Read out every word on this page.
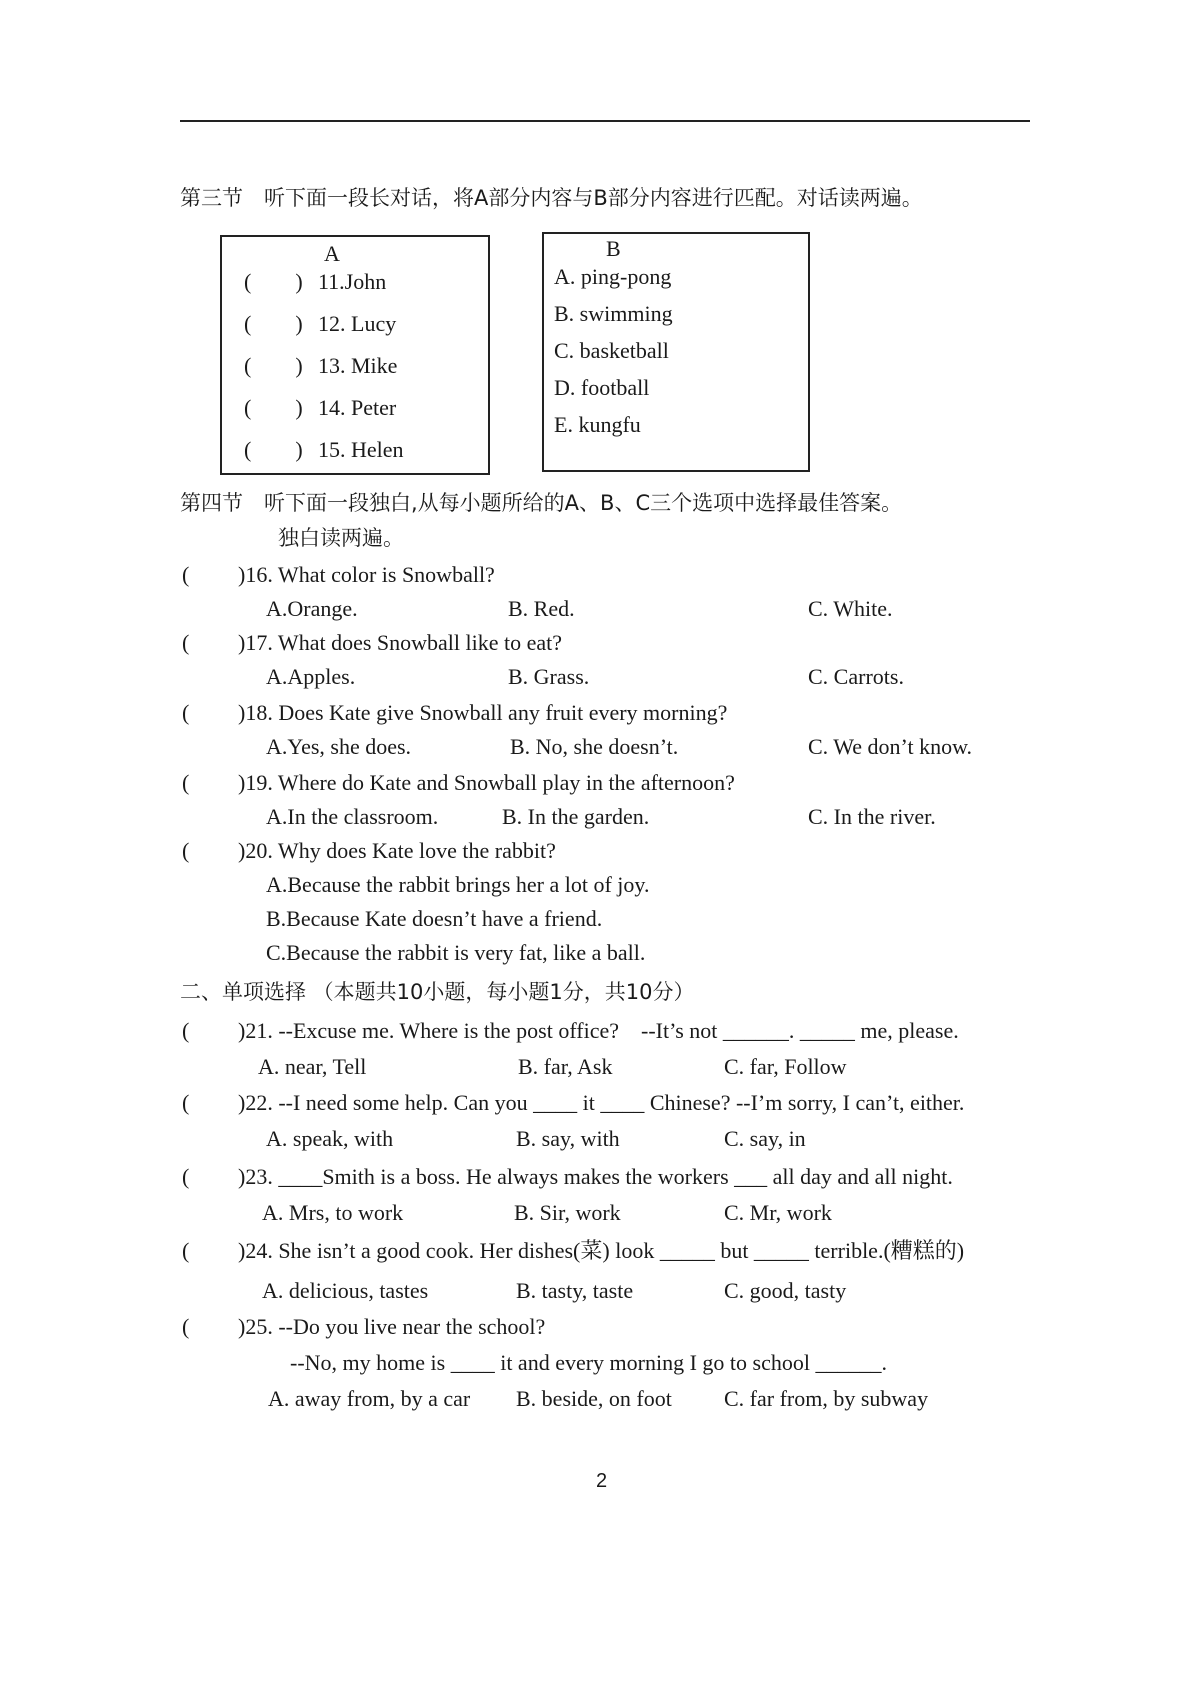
第三节　听下面一段长对话，将A部分内容与B部分内容进行匹配。对话读两遍。
A
(　　) 11.John
(　　) 12. Lucy
(　　) 13. Mike
(　　) 14. Peter
(　　) 15. Helen
B
A. ping-pong
B. swimming
C. basketball
D. football
E. kungfu
第四节　听下面一段独白,从每小题所给的A、B、C三个选项中选择最佳答案。
独白读两遍。
( )16. What color is Snowball?
A.Orange.	B. Red.	C. White.
( )17. What does Snowball like to eat?
A.Apples.	B. Grass.	C. Carrots.
( )18. Does Kate give Snowball any fruit every morning?
A.Yes, she does.	B. No, she doesn’t.	C. We don’t know.
( )19. Where do Kate and Snowball play in the afternoon?
A.In the classroom.	B. In the garden.	C. In the river.
( )20. Why does Kate love the rabbit?
A.Because the rabbit brings her a lot of joy.
B.Because Kate doesn’t have a friend.
C.Because the rabbit is very fat, like a ball.
二、单项选择 （本题共10小题，每小题1分，共10分）
( )21. --Excuse me. Where is the post office?　--It’s not ______. _____ me, please.
A. near, Tell	B. far, Ask	C. far, Follow
( )22. --I need some help. Can you ____ it ____ Chinese? --I’m sorry, I can’t, either.
A. speak, with	B. say, with	C. say, in
( )23. ____Smith is a boss. He always makes the workers ___ all day and all night.
A. Mrs, to work	B. Sir, work	C. Mr, work
( )24. She isn’t a good cook. Her dishes(菜) look _____ but _____ terrible.(糟糕的)
A. delicious, tastes	B. tasty, taste	C. good, tasty
( )25. --Do you live near the school?
--No, my home is ____ it and every morning I go to school ______.
A. away from, by a car B. beside, on foot C. far from, by subway
2
